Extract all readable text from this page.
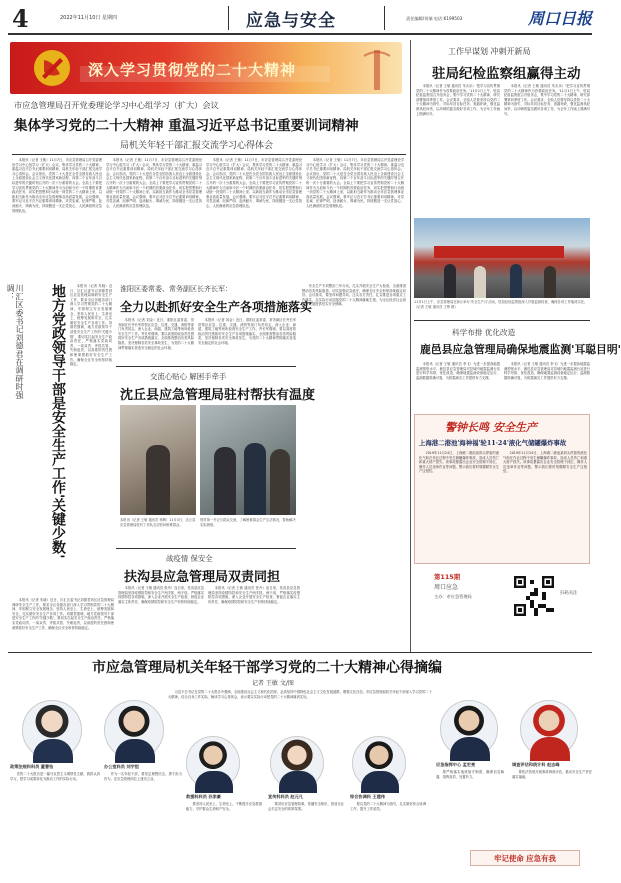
4	2022年11月10日 星期四	应急与安全	责任编辑/刘瑞 电话:6199503	周口日报
深入学习贯彻党的二十大精神
市应急管理局召开党委理论学习中心组学习（扩大）会议
集体学习党的二十大精神 重温习近平总书记重要训词精神
局机关年轻干部汇报交流学习心得体会

本报讯（记者 王敏）11月7日，市应急管理局召开党委理论学习中心组学习（扩大）会议，集体学习党的二十大精神，重温习近平总书记重要训词精神，局机关年轻干部汇报交流学习心得体会。会议指出，党的二十大是在全党全国各族人民迈上全面建设社会主义现代化国家新征程、向第二个百年奋斗目标进军的关键时刻召开的一次十分重要的大会。全局上下要把学习宣传贯彻党的二十大精神作为当前和今后一个时期的首要政治任务，切实把思想和行动统一到党的二十大精神上来，以新担当新作为推动全市应急管理事业高质量发展。会议强调，要牢记习近平总书记重要训词精神，对党忠诚、纪律严明、赴汤蹈火、竭诚为民，持续锻造一支让党放心、人民满意的应急管理队伍。

本报讯（记者 王敏）11月7日，市应急管理局召开党委理论学习中心组学习（扩大）会议，集体学习党的二十大精神，重温习近平总书记重要训词精神，局机关年轻干部汇报交流学习心得体会。会议指出，党的二十大是在全党全国各族人民迈上全面建设社会主义现代化国家新征程、向第二个百年奋斗目标进军的关键时刻召开的一次十分重要的大会。全局上下要把学习宣传贯彻党的二十大精神作为当前和今后一个时期的首要政治任务，切实把思想和行动统一到党的二十大精神上来，以新担当新作为推动全市应急管理事业高质量发展。会议强调，要牢记习近平总书记重要训词精神，对党忠诚、纪律严明、赴汤蹈火、竭诚为民，持续锻造一支让党放心、人民满意的应急管理队伍。

本报讯（记者 王敏）11月7日，市应急管理局召开党委理论学习中心组学习（扩大）会议，集体学习党的二十大精神，重温习近平总书记重要训词精神，局机关年轻干部汇报交流学习心得体会。会议指出，党的二十大是在全党全国各族人民迈上全面建设社会主义现代化国家新征程、向第二个百年奋斗目标进军的关键时刻召开的一次十分重要的大会。全局上下要把学习宣传贯彻党的二十大精神作为当前和今后一个时期的首要政治任务，切实把思想和行动统一到党的二十大精神上来，以新担当新作为推动全市应急管理事业高质量发展。会议强调，要牢记习近平总书记重要训词精神，对党忠诚、纪律严明、赴汤蹈火、竭诚为民，持续锻造一支让党放心、人民满意的应急管理队伍。

本报讯（记者 王敏）11月7日，市应急管理局召开党委理论学习中心组学习（扩大）会议，集体学习党的二十大精神，重温习近平总书记重要训词精神，局机关年轻干部汇报交流学习心得体会。会议指出，党的二十大是在全党全国各族人民迈上全面建设社会主义现代化国家新征程、向第二个百年奋斗目标进军的关键时刻召开的一次十分重要的大会。全局上下要把学习宣传贯彻党的二十大精神作为当前和今后一个时期的首要政治任务，切实把思想和行动统一到党的二十大精神上来，以新担当新作为推动全市应急管理事业高质量发展。会议强调，要牢记习近平总书记重要训词精神，对党忠诚、纪律严明、赴汤蹈火、竭诚为民，持续锻造一支让党放心、人民满意的应急管理队伍。

川汇区委书记刘德君在调研时强调：	地方党政领导干部是安全生产工作'关键少数'	本报讯（记者 朱晓）近日，川汇区委书记刘德君到区应急管理局调研安全生产工作，要求全区各级各部门深入学习贯彻党的二十大精神，牢固树立安全发展理念，坚持人民至上、生命至上，统筹发展和安全，扎实做好安全生产各项工作。刘德君强调，地方党政领导干部是安全生产工作的'关键少数'，要切实扛起安全生产政治责任，严格落实党政同责、一岗双责、齐抓共管、失职追责，以高度的责任感和使命感抓好安全生产工作，确保全区安全形势持续稳定。

本报讯（记者 朱晓）近日，川汇区委书记刘德君到区应急管理局调研安全生产工作，要求全区各级各部门深入学习贯彻党的二十大精神，牢固树立安全发展理念，坚持人民至上、生命至上，统筹发展和安全，扎实做好安全生产各项工作。刘德君强调，地方党政领导干部是安全生产工作的'关键少数'，要切实扛起安全生产政治责任，严格落实党政同责、一岗双责、齐抓共管、失职追责，以高度的责任感和使命感抓好安全生产工作，确保全区安全形势持续稳定。

淮阳区委常委、常务副区长齐长军：
全力以赴抓好安全生产各项措施落实

本报讯（记者 刘金）近日，淮阳区委常委、常务副区长齐长军带领区应急、住建、交通、消防等部门负责同志，深入企业、商超、建筑工地等场所检查安全生产工作。齐长军强调，要以高度的政治责任感抓好安全生产各项措施落实，全面排查整治各类风险隐患，坚决遏制各类安全事故发生，为党的二十大精神贯彻落实营造安全稳定的社会环境。

本报讯（记者 刘金）近日，淮阳区委常委、常务副区长齐长军带领区应急、住建、交通、消防等部门负责同志，深入企业、商超、建筑工地等场所检查安全生产工作。齐长军强调，要以高度的政治责任感抓好安全生产各项措施落实，全面排查整治各类风险隐患，坚决遏制各类安全事故发生，为党的二十大精神贯彻落实营造安全稳定的社会环境。

交流心贴心 解困手牵手
沈丘县应急管理局驻村帮扶有温度
本报讯（记者 王敏 通讯员 杨辉）11月3日，沈丘县应急管理局驻村工作队走访慰问困难群众。
驻村第一书记与群众交流，了解困难群众生产生活情况，帮助解决实际困难。
战疫情 保安全
扶沟县应急管理局双责同担

本报讯（记者 王敏 通讯员 张丹）连日来，扶沟县应急管理局坚持疫情防控和安全生产两手抓、两不误，严格落实疫情防控各项措施，深入企业开展安全生产检查，督促企业落实主体责任，确保疫情防控和安全生产形势持续稳定。

本报讯（记者 王敏 通讯员 张丹）连日来，扶沟县应急管理局坚持疫情防控和安全生产两手抓、两不误，严格落实疫情防控各项措施，深入企业开展安全生产检查，督促企业落实主体责任，确保疫情防控和安全生产形势持续稳定。

安全生产专项整治三年行动，扎实开展安全生产大检查，全面排查整治各类风险隐患，切实加强应急值守，确保全区安全形势持续稳定向好。会议要求，要坚持问题导向，压实各方责任，扎实推进各项重点工作落实，以实际行动迎接党的二十大精神落地生根，为全区经济社会高质量发展提供坚实安全保障。

工作早谋划 冲刺开新局
驻局纪检监察组赢得主动

本报讯（记者 王敏 通讯员 朱永乐）'把学习宣传贯彻党的二十大精神作为首要政治任务。'11月1日上午，驻局纪检监察组召开组务会，集中学习党的二十大精神，研究部署第四季度工作。会议要求，全组人员要坚持以党的二十大精神为指引，对标年初目标任务，查漏补缺，强化监督执纪问责，以冲刺的姿态做好各项工作，为全年工作画上圆满句号。

本报讯（记者 王敏 通讯员 朱永乐）'把学习宣传贯彻党的二十大精神作为首要政治任务。'11月1日上午，驻局纪检监察组召开组务会，集中学习党的二十大精神，研究部署第四季度工作。会议要求，全组人员要坚持以党的二十大精神为指引，对标年初目标任务，查漏补缺，强化监督执纪问责，以冲刺的姿态做好各项工作，为全年工作画上圆满句号。

11月1日上午，应急管理局在商丘举办‘安全生产月’活动，驻局纪检监察组深入开展监督检查，确保各项工作落到实处。（记者 王敏 通讯员 王铮 摄）
科学布排 优化改造
鹿邑县应急管理局确保地震监测'耳聪目明'

本报讯（记者 王敏 通讯员 李飞）为进一步提高地震监测预报水平，鹿邑县应急管理局对县域内地震监测台站进行科学布排、优化改造，确保地震监测设备稳定运行，监测数据准确可靠，为防震减灾工作提供有力支撑。

本报讯（记者 王敏 通讯员 李飞）为进一步提高地震监测预报水平，鹿邑县应急管理局对县域内地震监测台站进行科学布排、优化改造，确保地震监测设备稳定运行，监测数据准确可靠，为防震减灾工作提供有力支撑。

警钟长鸣 安全生产
上海港二港池'海神福'轮11·24'液化气储罐爆炸事故

2019年11月24日，上海港二港池某码头停靠的液化气船在作业过程中发生储罐爆炸事故，造成人员伤亡和重大财产损失。该事故暴露出企业安全管理不到位、操作人员违章作业等问题，警示我们要时刻绷紧安全生产这根弦。

2019年11月24日，上海港二港池某码头停靠的液化气船在作业过程中发生储罐爆炸事故，造成人员伤亡和重大财产损失。该事故暴露出企业安全管理不到位、操作人员违章作业等问题，警示我们要时刻绷紧安全生产这根弦。

第115期
周口应急
主办：市应急管理局
扫码关注
市应急管理局机关年轻干部学习党的二十大精神心得摘编
记者 王敏 文/图

习近平总书记在党的二十大报告中强调，全面建设社会主义现代化国家，必须坚持中国特色社会主义文化发展道路，增强文化自信。市应急管理局机关年轻干部深入学习党的二十大精神，结合自身工作实际，畅谈学习心得体会，表示要以实际行动把党的二十大精神落到实处。

政策法规科科员 董曹怡

党的二十大报告是一篇马克思主义纲领性文献，我将认真学习，把学习成果转化为推动工作的实际行动。

办公室科员 刘宇恒

作为一名年轻干部，要坚定理想信念，勇于担当作为，在应急管理岗位上建功立业。

救援科科员 孙家豪

要坚持人民至上、生命至上，不断提升应急救援能力，守护群众生命财产安全。

宣传科科员 赵元凡

要讲好应急管理故事，传播安全知识，营造全社会关注安全的浓厚氛围。

综合协调科 王建伟

要以党的二十大精神为指引，扎实做好综合协调工作，提升工作质效。

应急指挥中心 孟宏亮

要严格落实值班值守制度，确保信息畅通、指挥高效、处置有力。

调查评估和统计科 赵志峰

要依法依规开展事故调查评估，推动安全生产责任落实落地。

牢记使命 应急有我
